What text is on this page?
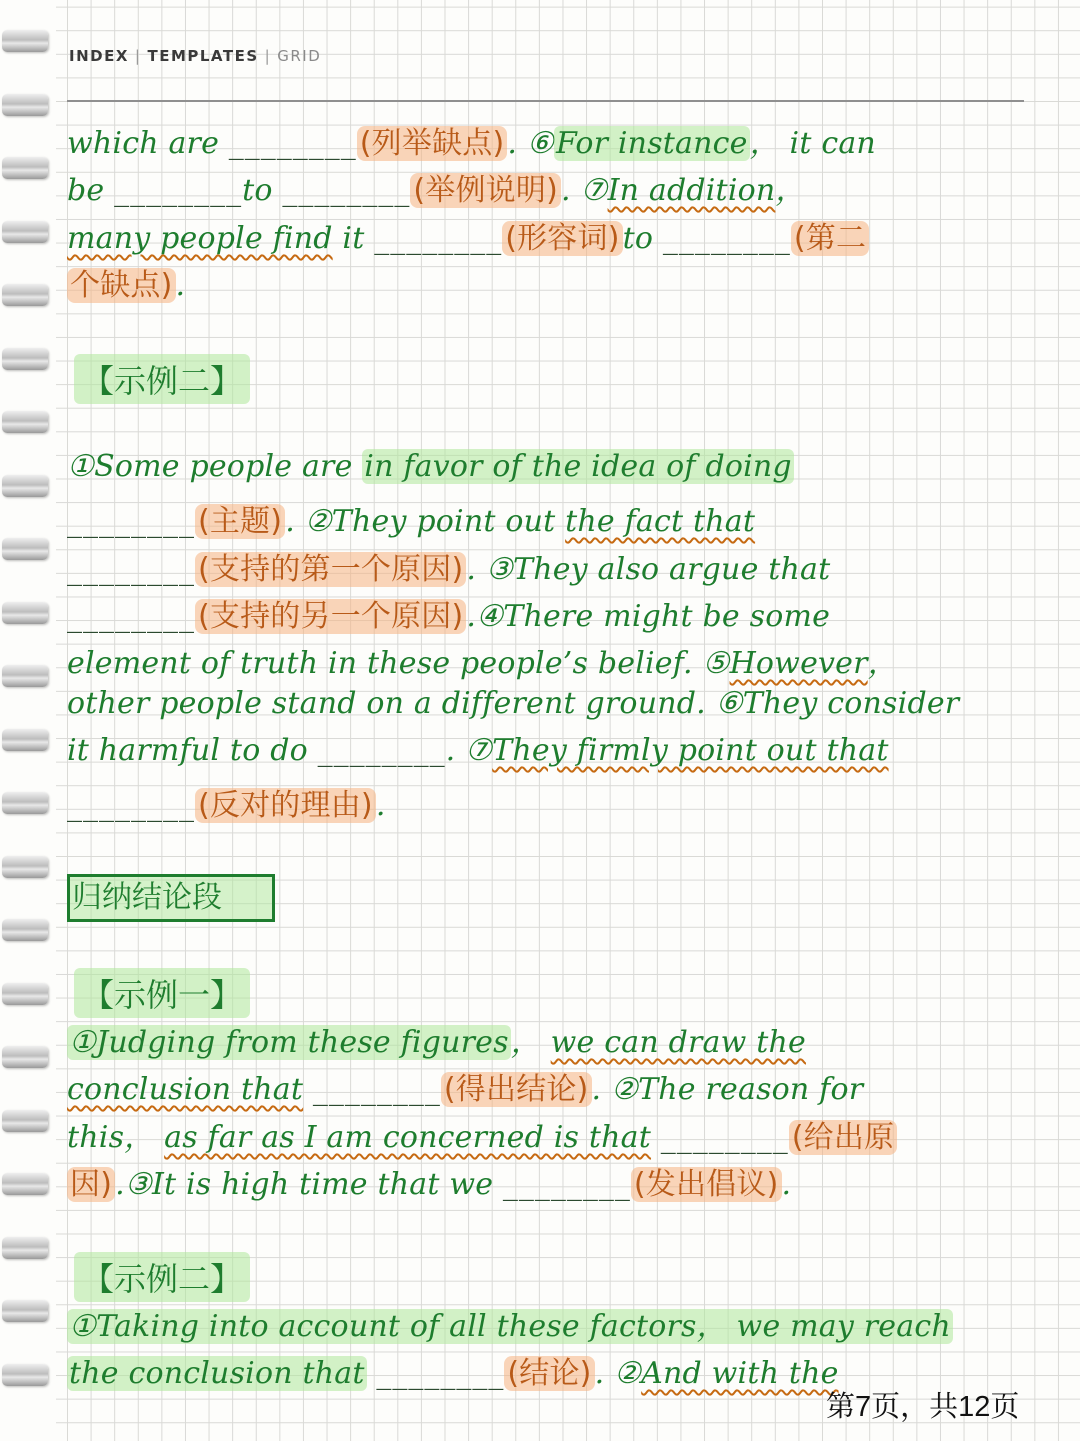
INDEX | TEMPLATES | GRID
which are ________ (列举缺点) . ⑥For instance， it can
be ________to ________ (举例说明) . ⑦In addition，
many people find it ________ (形容词) to ________ (第二
个缺点) .
【示例二】
①Some people are in favor of the idea of doing
________ (主题) . ②They point out the fact that
________ (支持的第一个原因) . ③They also argue that
________ (支持的另一个原因) .④There might be some
element of truth in these people’s belief. ⑤However，
other people stand on a different ground. ⑥They consider
it harmful to do ________. ⑦They firmly point out that
________ (反对的理由) .
归纳结论段
【示例一】
①Judging from these figures， we can draw the
conclusion that ________ (得出结论) . ②The reason for
this， as far as I am concerned is that ________ (给出原
因) .③It is high time that we ________ (发出倡议) .
【示例二】
①Taking into account of all these factors， we may reach
the conclusion that ________ (结论) . ②And with the
第7页，共12页
